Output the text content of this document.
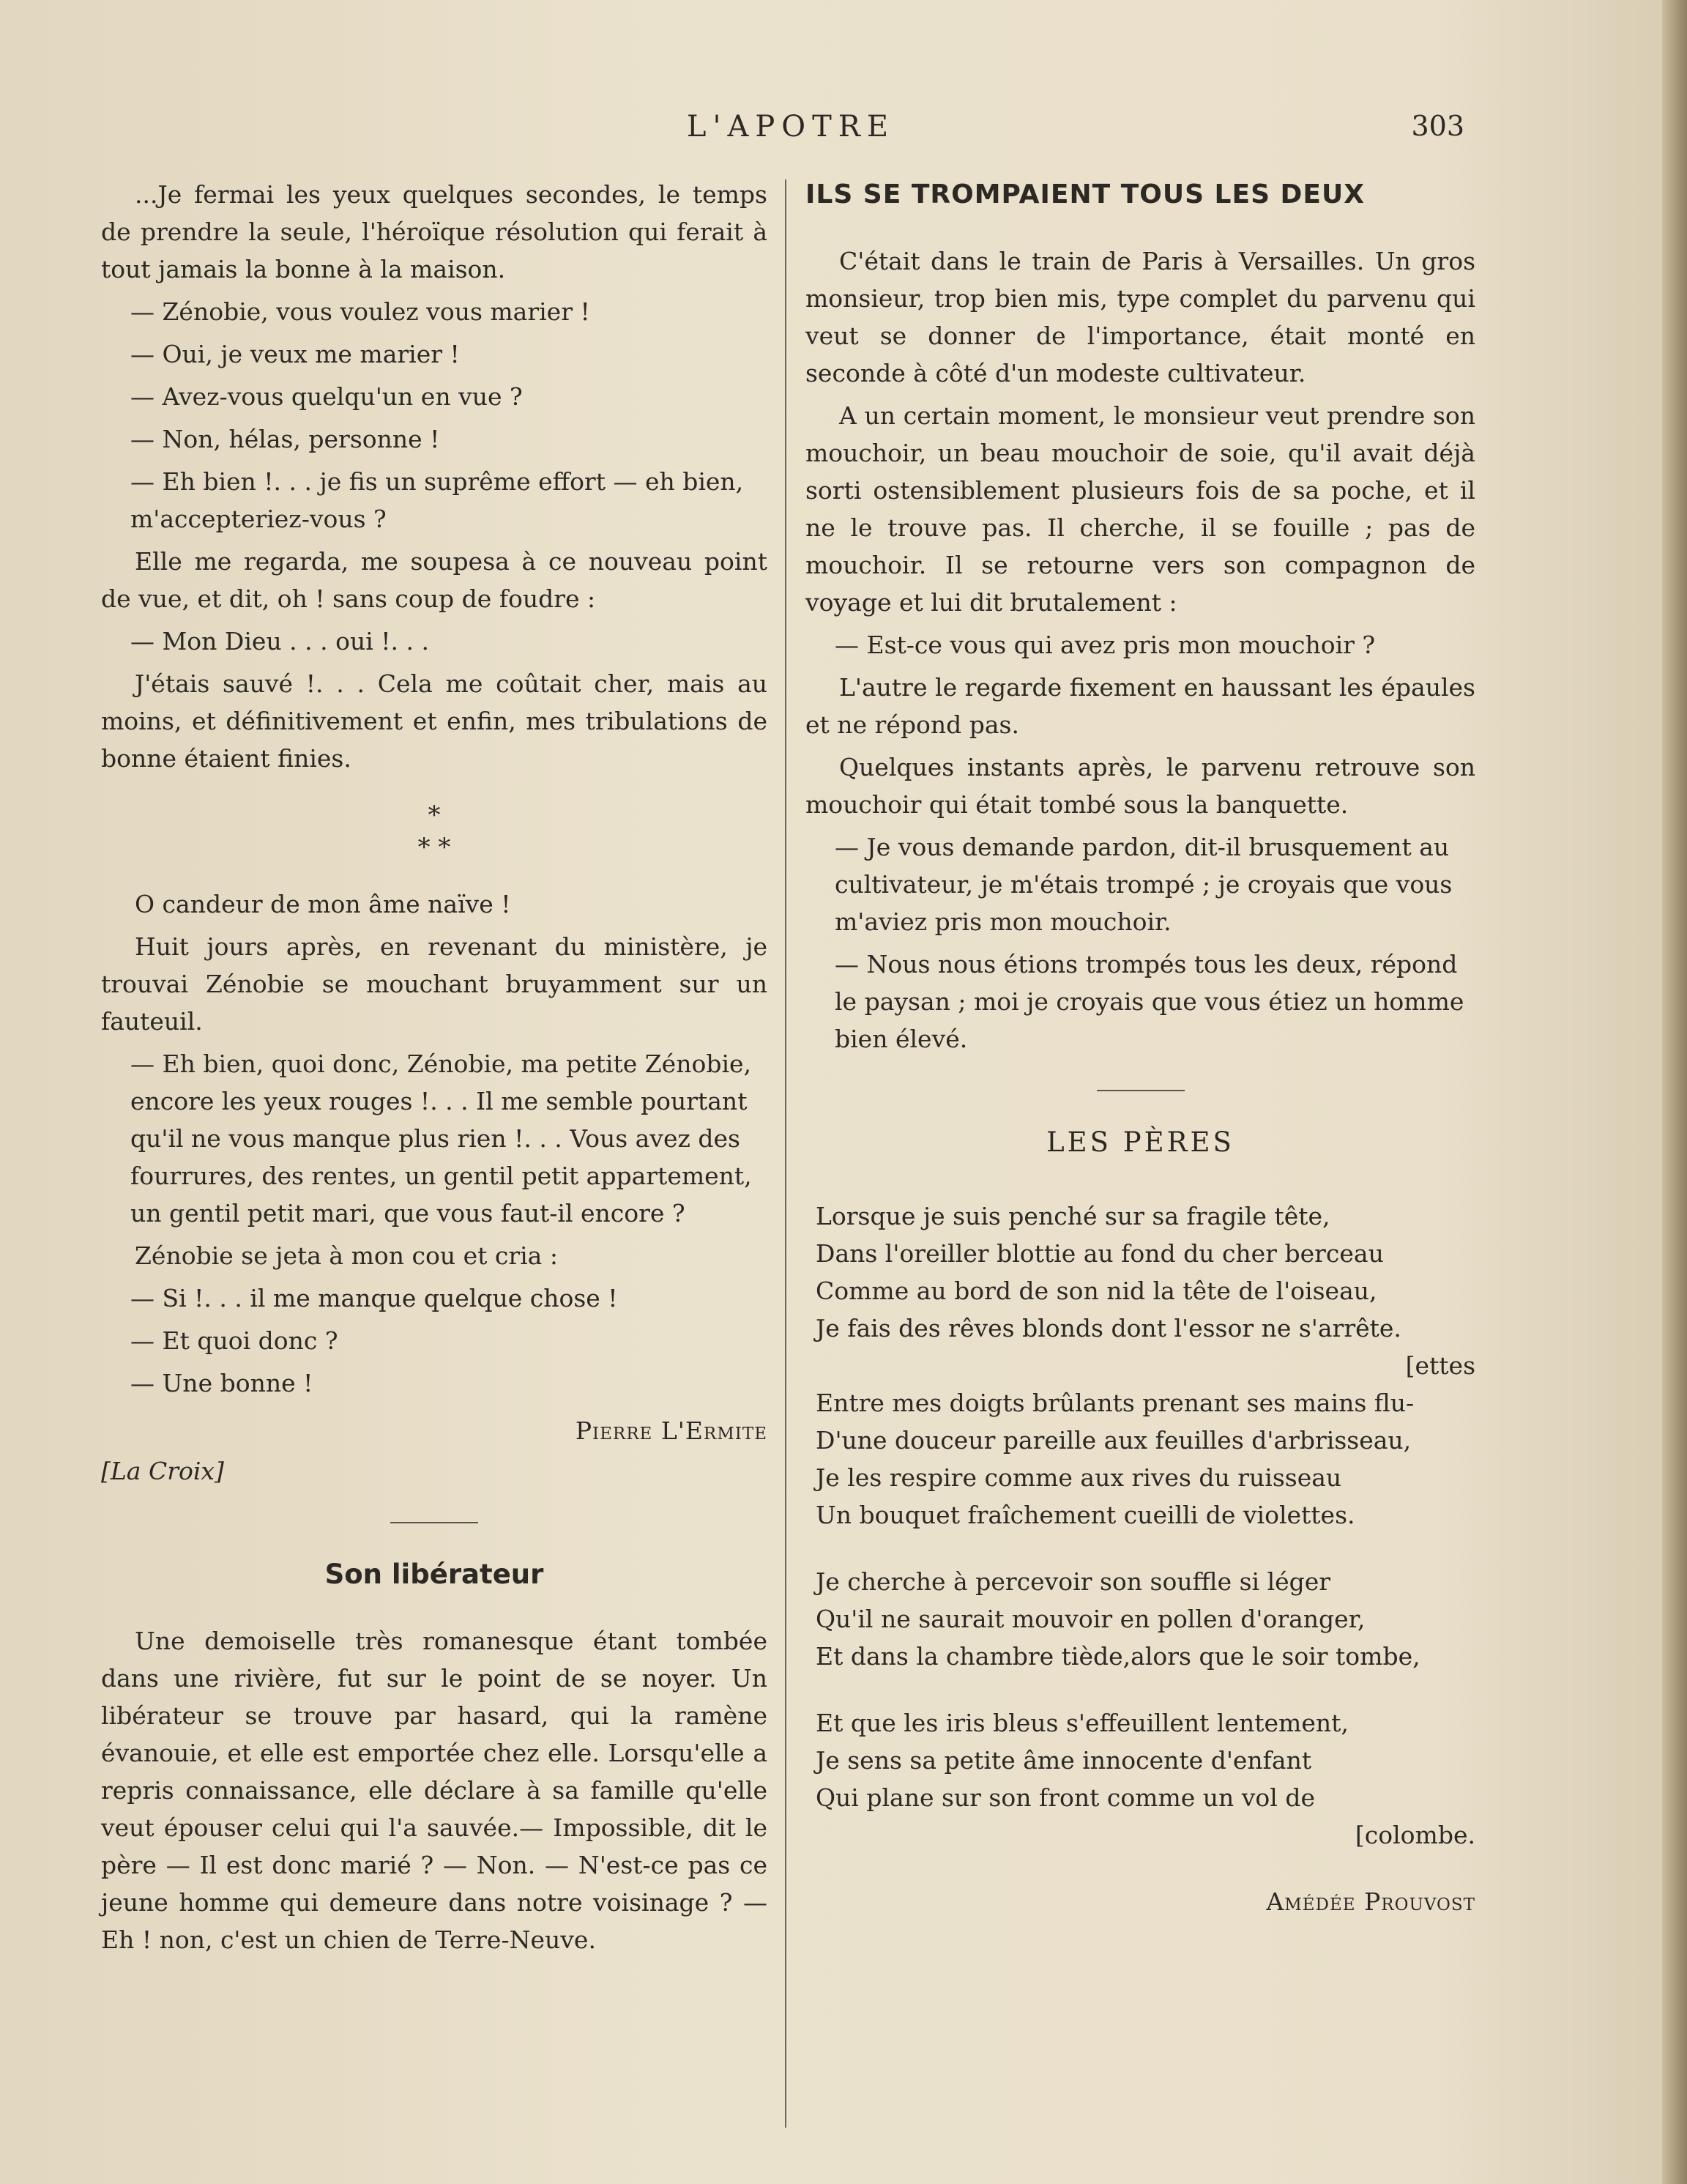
L'APOTRE	303

...Je fermai les yeux quelques secondes, le temps de prendre la seule, l'héroïque résolution qui ferait à tout jamais la bonne à la maison.

— Zénobie, vous voulez vous marier !

— Oui, je veux me marier !

— Avez-vous quelqu'un en vue ?

— Non, hélas, personne !

— Eh bien !. . . je fis un suprême effort — eh bien, m'accepteriez-vous ?

Elle me regarda, me soupesa à ce nouveau point de vue, et dit, oh ! sans coup de foudre :

— Mon Dieu . . . oui !. . .

J'étais sauvé !. . . Cela me coûtait cher, mais au moins, et définitivement et enfin, mes tribulations de bonne étaient finies.

*
* *

O candeur de mon âme naïve !

Huit jours après, en revenant du ministère, je trouvai Zénobie se mouchant bruyamment sur un fauteuil.

— Eh bien, quoi donc, Zénobie, ma petite Zénobie, encore les yeux rouges !. . . Il me semble pourtant qu'il ne vous manque plus rien !. . . Vous avez des fourrures, des rentes, un gentil petit appartement, un gentil petit mari, que vous faut-il encore ?

Zénobie se jeta à mon cou et cria :

— Si !. . . il me manque quelque chose !

— Et quoi donc ?

— Une bonne !

Pierre L'Ermite
[La Croix]
Son libérateur

Une demoiselle très romanesque étant tombée dans une rivière, fut sur le point de se noyer. Un libérateur se trouve par hasard, qui la ramène évanouie, et elle est emportée chez elle. Lorsqu'elle a repris connaissance, elle déclare à sa famille qu'elle veut épouser celui qui l'a sauvée.— Impossible, dit le père — Il est donc marié ? — Non. — N'est-ce pas ce jeune homme qui demeure dans notre voisinage ? — Eh ! non, c'est un chien de Terre-Neuve.

ILS SE TROMPAIENT TOUS LES DEUX

C'était dans le train de Paris à Versailles. Un gros monsieur, trop bien mis, type complet du parvenu qui veut se donner de l'importance, était monté en seconde à côté d'un modeste cultivateur.

A un certain moment, le monsieur veut prendre son mouchoir, un beau mouchoir de soie, qu'il avait déjà sorti ostensiblement plusieurs fois de sa poche, et il ne le trouve pas. Il cherche, il se fouille ; pas de mouchoir. Il se retourne vers son compagnon de voyage et lui dit brutalement :

— Est-ce vous qui avez pris mon mouchoir ?

L'autre le regarde fixement en haussant les épaules et ne répond pas.

Quelques instants après, le parvenu retrouve son mouchoir qui était tombé sous la banquette.

— Je vous demande pardon, dit-il brusquement au cultivateur, je m'étais trompé ; je croyais que vous m'aviez pris mon mouchoir.

— Nous nous étions trompés tous les deux, répond le paysan ; moi je croyais que vous étiez un homme bien élevé.

LES PÈRES
Lorsque je suis penché sur sa fragile tête,
Dans l'oreiller blottie au fond du cher berceau
Comme au bord de son nid la tête de l'oiseau,
Je fais des rêves blonds dont l'essor ne s'arrête.
[ettes
Entre mes doigts brûlants prenant ses mains flu-
D'une douceur pareille aux feuilles d'arbrisseau,
Je les respire comme aux rives du ruisseau
Un bouquet fraîchement cueilli de violettes.
Je cherche à percevoir son souffle si léger
Qu'il ne saurait mouvoir en pollen d'oranger,
Et dans la chambre tiède,alors que le soir tombe,
Et que les iris bleus s'effeuillent lentement,
Je sens sa petite âme innocente d'enfant
Qui plane sur son front comme un vol de
[colombe.
Amédée Prouvost
